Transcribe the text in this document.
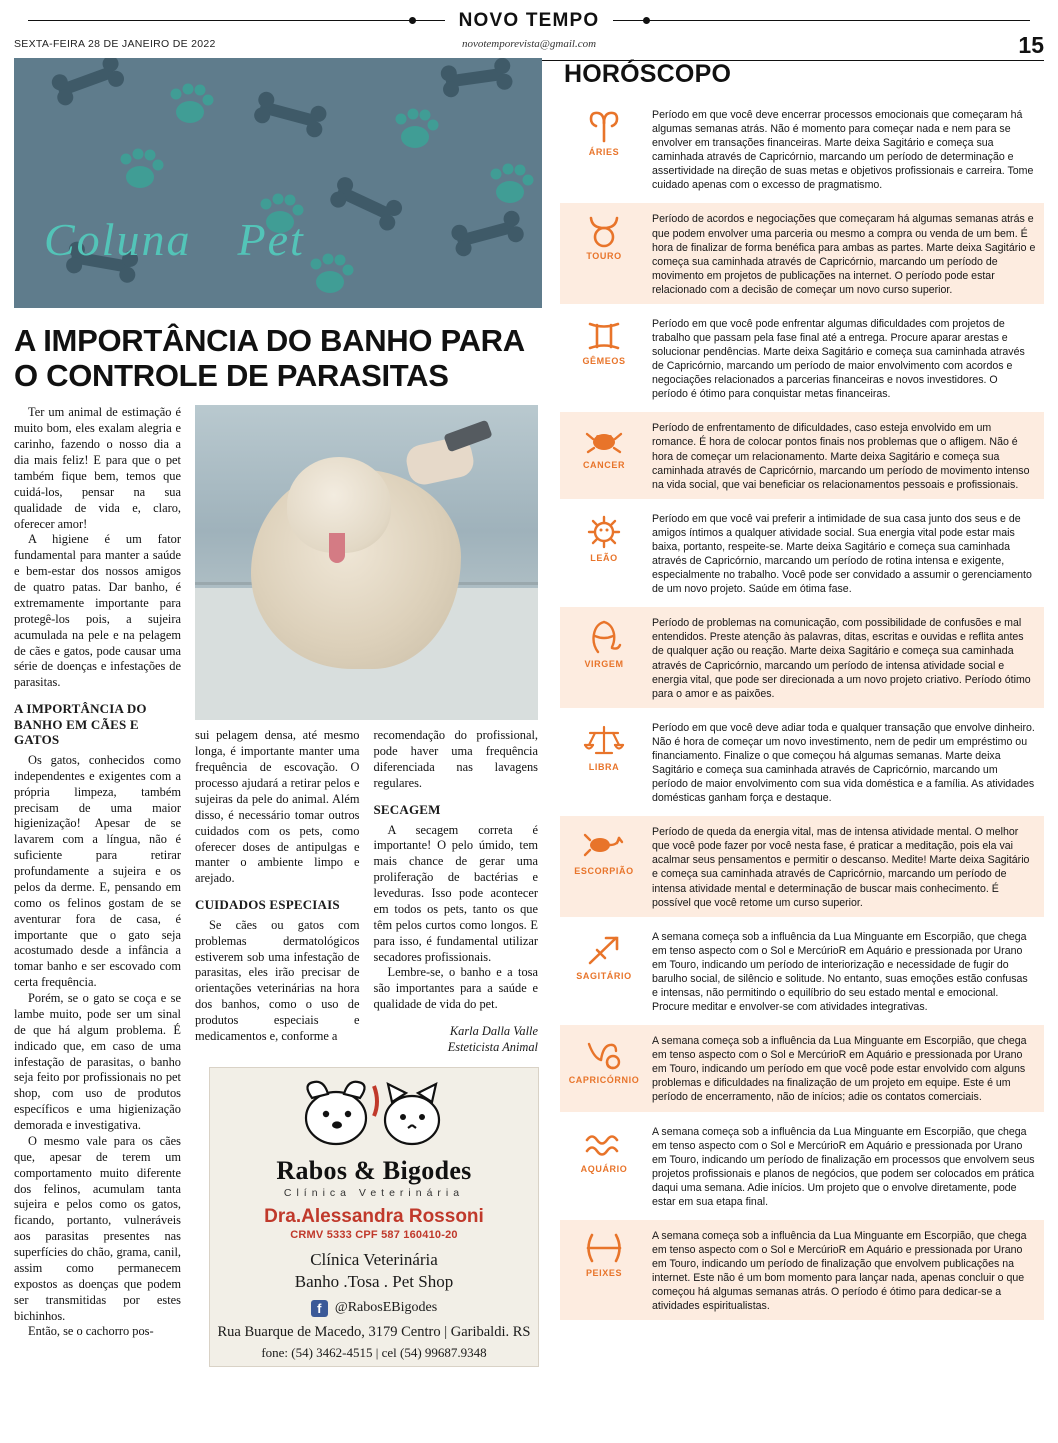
NOVO TEMPO
SEXTA-FEIRA 28 DE JANEIRO DE 2022	novotemporevista@gmail.com	15
Coluna Pet
A IMPORTÂNCIA DO BANHO PARA O CONTROLE DE PARASITAS

Ter um animal de estimação é muito bom, eles exalam alegria e carinho, fazendo o nosso dia a dia mais feliz! E para que o pet também fique bem, temos que cuidá-los, pensar na sua qualidade de vida e, claro, oferecer amor!

A higiene é um fator fundamental para manter a saúde e bem-estar dos nossos amigos de quatro patas. Dar banho, é extremamente importante para protegê-los pois, a sujeira acumulada na pele e na pelagem de cães e gatos, pode causar uma série de doenças e infestações de parasitas.

A IMPORTÂNCIA DO BANHO EM CÃES E GATOS

Os gatos, conhecidos como independentes e exigentes com a própria limpeza, também precisam de uma maior higienização! Apesar de se lavarem com a língua, não é suficiente para retirar profundamente a sujeira e os pelos da derme. E, pensando em como os felinos gostam de se aventurar fora de casa, é importante que o gato seja acostumado desde a infância a tomar banho e ser escovado com certa frequência.

Porém, se o gato se coça e se lambe muito, pode ser um sinal de que há algum problema. É indicado que, em caso de uma infestação de parasitas, o banho seja feito por profissionais no pet shop, com uso de produtos específicos e uma higienização demorada e investigativa.

O mesmo vale para os cães que, apesar de terem um comportamento muito diferente dos felinos, acumulam tanta sujeira e pelos como os gatos, ficando, portanto, vulneráveis aos parasitas presentes nas superfícies do chão, grama, canil, assim como permanecem expostos as doenças que podem ser transmitidas por estes bichinhos.

Então, se o cachorro pos-

sui pelagem densa, até mesmo longa, é importante manter uma frequência de escovação. O processo ajudará a retirar pelos e sujeiras da pele do animal. Além disso, é necessário tomar outros cuidados com os pets, como oferecer doses de antipulgas e manter o ambiente limpo e arejado.

CUIDADOS ESPECIAIS

Se cães ou gatos com problemas dermatológicos estiverem sob uma infestação de parasitas, eles irão precisar de orientações veterinárias na hora dos banhos, como o uso de produtos especiais e medicamentos e, conforme a

recomendação do profissional, pode haver uma frequência diferenciada nas lavagens regulares.

SECAGEM

A secagem correta é importante! O pelo úmido, tem mais chance de gerar uma proliferação de bactérias e leveduras. Isso pode acontecer em todos os pets, tanto os que têm pelos curtos como longos. E para isso, é fundamental utilizar secadores profissionais.

Lembre-se, o banho e a tosa são importantes para a saúde e qualidade de vida do pet.

Karla Dalla Valle
Esteticista Animal
Rabos & Bigodes
Clínica Veterinária
Dra.Alessandra Rossoni
CRMV 5333 CPF 587 160410-20
Clínica Veterinária
Banho .Tosa . Pet Shop
f @RabosEBigodes
Rua Buarque de Macedo, 3179 Centro | Garibaldi. RS
fone: (54) 3462-4515 | cel (54) 99687.9348
HORÓSCOPO
ÁRIES
Período em que você deve encerrar processos emocionais que começaram há algumas semanas atrás. Não é momento para começar nada e nem para se envolver em transações financeiras. Marte deixa Sagitário e começa sua caminhada através de Capricórnio, marcando um período de determinação e assertividade na direção de suas metas e objetivos profissionais e carreira. Tome cuidado apenas com o excesso de pragmatismo.
TOURO
Período de acordos e negociações que começaram há algumas semanas atrás e que podem envolver uma parceria ou mesmo a compra ou venda de um bem. É hora de finalizar de forma benéfica para ambas as partes. Marte deixa Sagitário e começa sua caminhada através de Capricórnio, marcando um período de movimento em projetos de publicações na internet. O período pode estar relacionado com a decisão de começar um novo curso superior.
GÊMEOS
Período em que você pode enfrentar algumas dificuldades com projetos de trabalho que passam pela fase final até a entrega. Procure aparar arestas e solucionar pendências. Marte deixa Sagitário e começa sua caminhada através de Capricórnio, marcando um período de maior envolvimento com acordos e negociações relacionados a parcerias financeiras e novos investidores. O período é ótimo para conquistar metas financeiras.
CANCER
Período de enfrentamento de dificuldades, caso esteja envolvido em um romance. É hora de colocar pontos finais nos problemas que o afligem. Não é hora de começar um relacionamento. Marte deixa Sagitário e começa sua caminhada através de Capricórnio, marcando um período de movimento intenso na vida social, que vai beneficiar os relacionamentos pessoais e profissionais.
LEÃO
Período em que você vai preferir a intimidade de sua casa junto dos seus e de amigos íntimos a qualquer atividade social. Sua energia vital pode estar mais baixa, portanto, respeite-se. Marte deixa Sagitário e começa sua caminhada através de Capricórnio, marcando um período de rotina intensa e exigente, especialmente no trabalho. Você pode ser convidado a assumir o gerenciamento de um novo projeto. Saúde em ótima fase.
VIRGEM
Período de problemas na comunicação, com possibilidade de confusões e mal entendidos. Preste atenção às palavras, ditas, escritas e ouvidas e reflita antes de qualquer ação ou reação. Marte deixa Sagitário e começa sua caminhada através de Capricórnio, marcando um período de intensa atividade social e energia vital, que pode ser direcionada a um novo projeto criativo. Período ótimo para o amor e as paixões.
LIBRA
Período em que você deve adiar toda e qualquer transação que envolve dinheiro. Não é hora de começar um novo investimento, nem de pedir um empréstimo ou financiamento. Finalize o que começou há algumas semanas. Marte deixa Sagitário e começa sua caminhada através de Capricórnio, marcando um período de maior envolvimento com sua vida doméstica e a família. As atividades domésticas ganham força e destaque.
ESCORPIÃO
Período de queda da energia vital, mas de intensa atividade mental. O melhor que você pode fazer por você nesta fase, é praticar a meditação, pois ela vai acalmar seus pensamentos e permitir o descanso. Medite! Marte deixa Sagitário e começa sua caminhada através de Capricórnio, marcando um período de intensa atividade mental e determinação de buscar mais conhecimento. É possível que você retome um curso superior.
SAGITÁRIO
A semana começa sob a influência da Lua Minguante em Escorpião, que chega em tenso aspecto com o Sol e MercúrioR em Aquário e pressionada por Urano em Touro, indicando um período de interiorização e necessidade de fugir do barulho social, de silêncio e solitude. No entanto, suas emoções estão confusas e intensas, não permitindo o equilíbrio do seu estado mental e emocional. Procure meditar e envolver-se com atividades integrativas.
CAPRICÓRNIO
A semana começa sob a influência da Lua Minguante em Escorpião, que chega em tenso aspecto com o Sol e MercúrioR em Aquário e pressionada por Urano em Touro, indicando um período em que você pode estar envolvido com alguns problemas e dificuldades na finalização de um projeto em equipe. Este é um período de encerramento, não de inícios; adie os contatos comerciais.
AQUÁRIO
A semana começa sob a influência da Lua Minguante em Escorpião, que chega em tenso aspecto com o Sol e MercúrioR em Aquário e pressionada por Urano em Touro, indicando um período de finalização em processos que envolvem seus projetos profissionais e planos de negócios, que podem ser colocados em prática daqui uma semana. Adie inícios. Um projeto que o envolve diretamente, pode estar em sua etapa final.
PEIXES
A semana começa sob a influência da Lua Minguante em Escorpião, que chega em tenso aspecto com o Sol e MercúrioR em Aquário e pressionada por Urano em Touro, indicando um período de finalização que envolvem publicações na internet. Este não é um bom momento para lançar nada, apenas concluir o que começou há algumas semanas atrás. O período é ótimo para dedicar-se a atividades espiritualistas.
